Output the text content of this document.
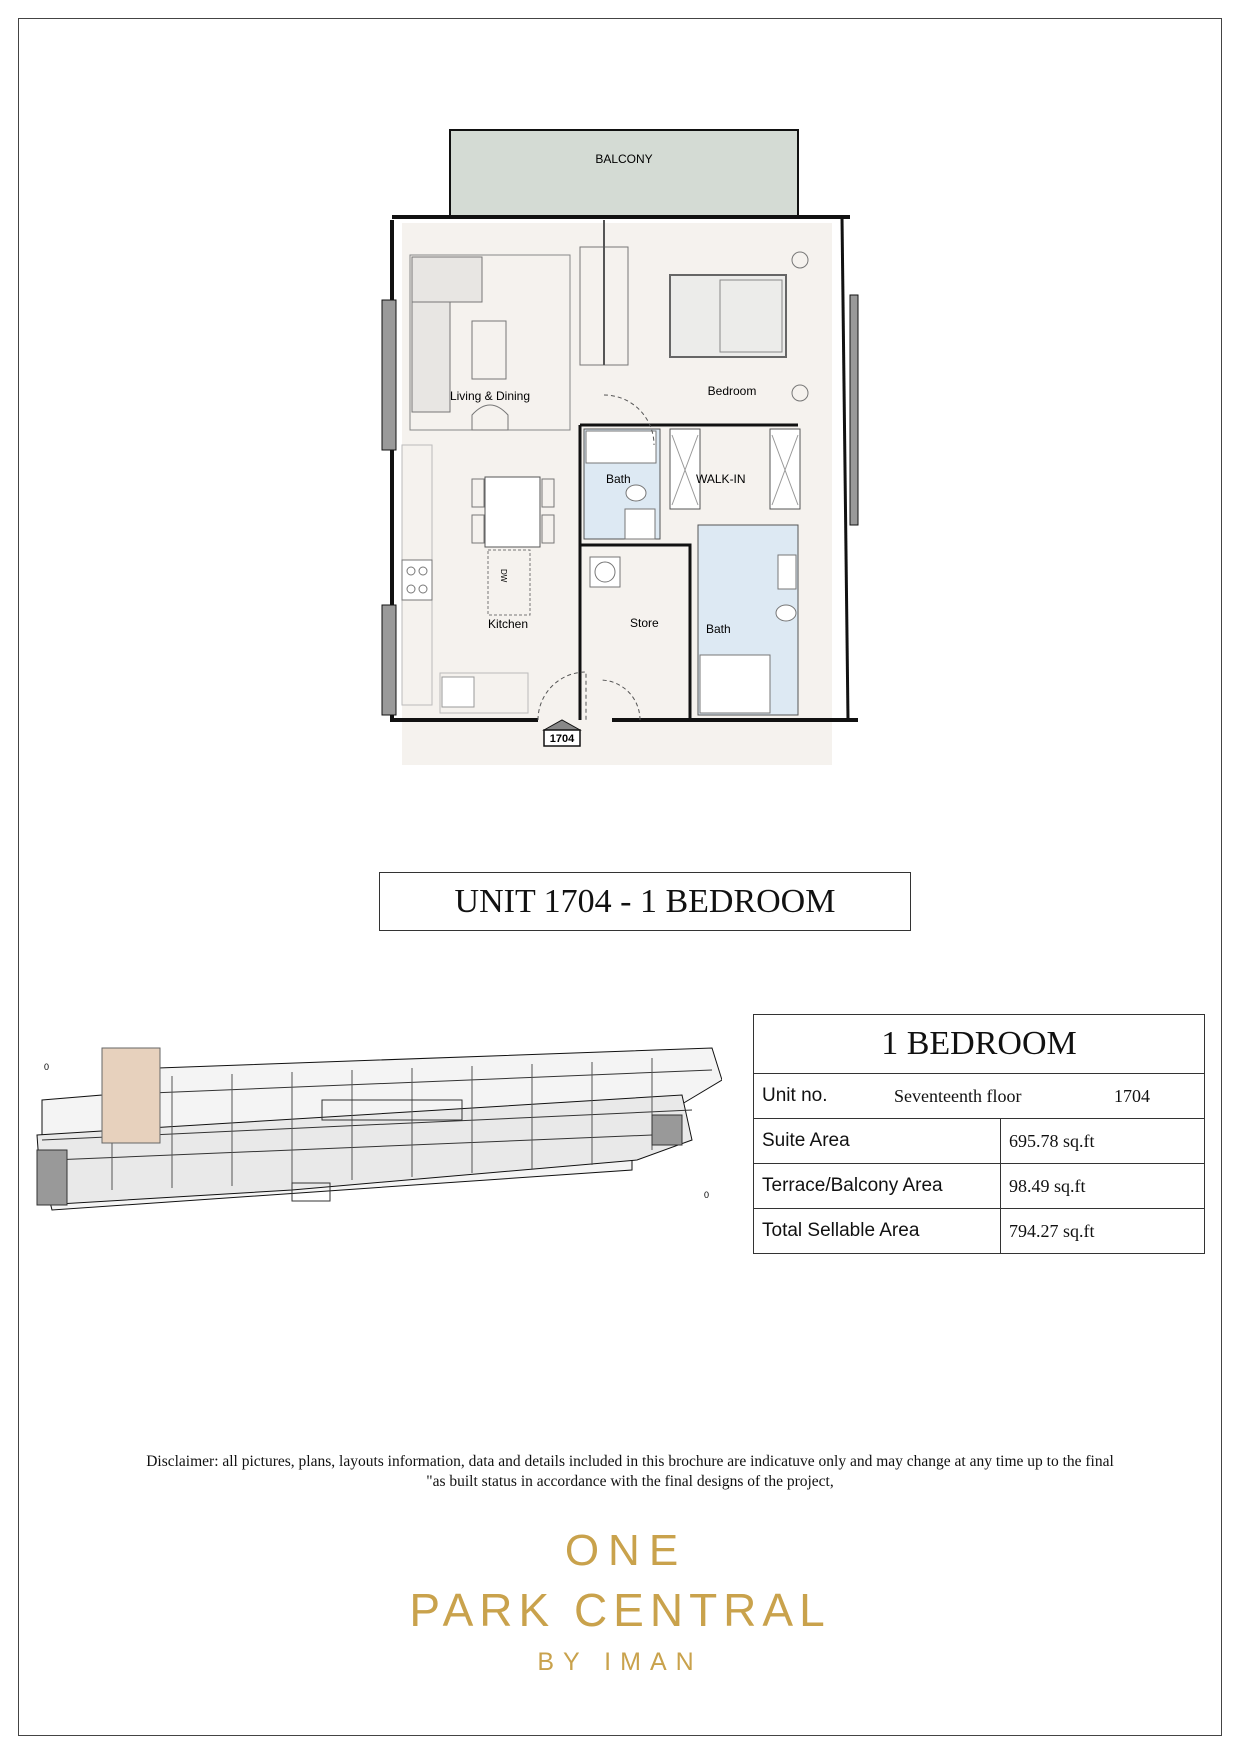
BALCONY
Living & Dining	Bedroom
Bath	WALK-IN
Bath
Store
DW
Kitchen
1704
UNIT 1704 - 1 BEDROOM
0
0
1 BEDROOM	

Unit no. Seventeenth floor 1704	

Suite Area	695.78 sq.ft
Terrace/Balcony Area	98.49 sq.ft
Total Sellable Area	794.27 sq.ft
Disclaimer: all pictures, plans, layouts information, data and details included in this brochure are indicatuve only and may change at any time up to the final
"as built status in accordance with the final designs of the project,
ONE
PARK CENTRAL
BY IMAN
